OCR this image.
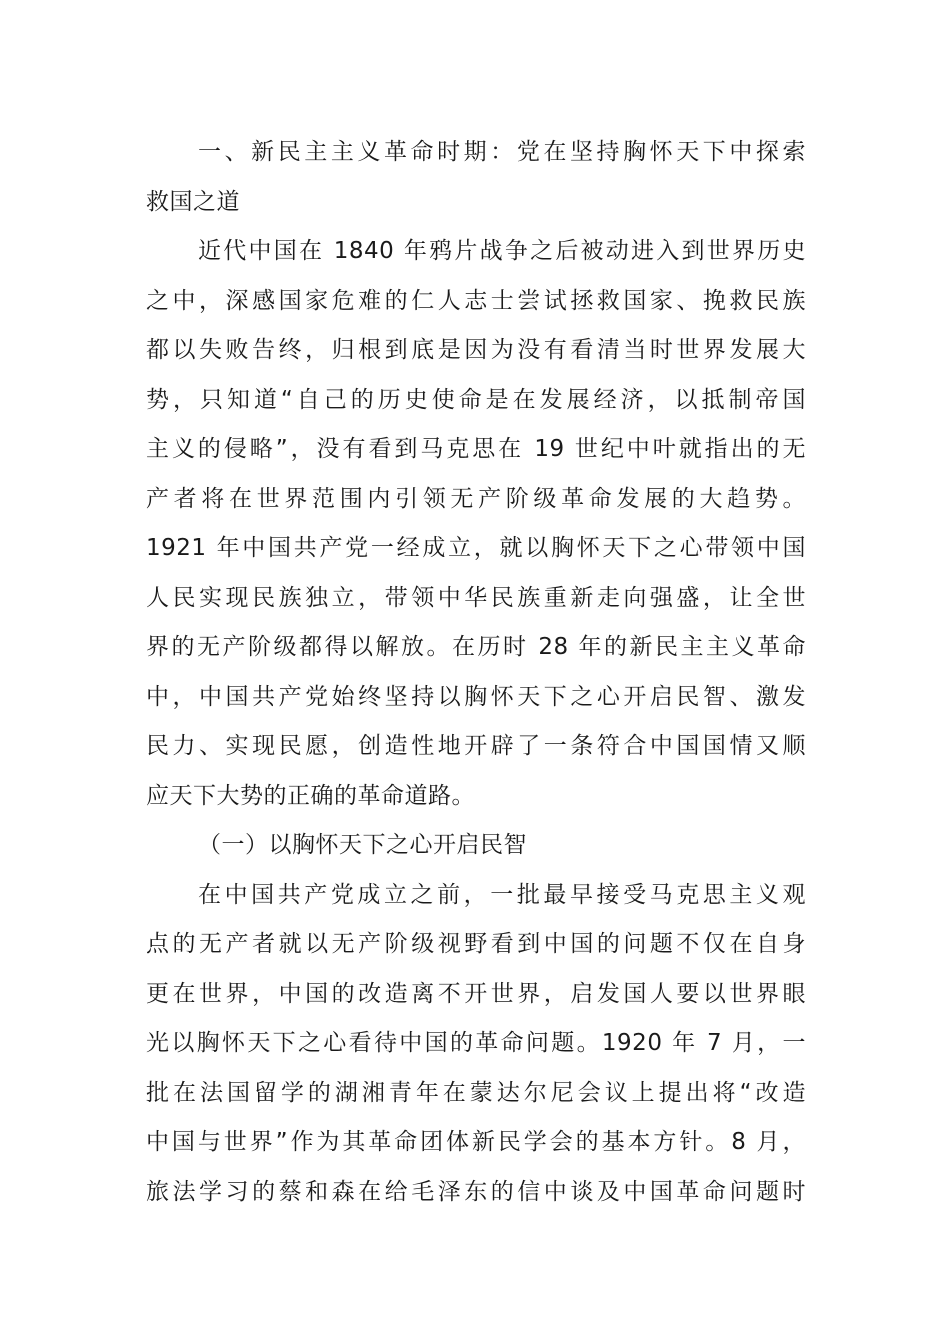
一、新民主主义革命时期：党在坚持胸怀天下中探索
救国之道
近代中国在 1840 年鸦片战争之后被动进入到世界历史
之中，深感国家危难的仁人志士尝试拯救国家、挽救民族
都以失败告终，归根到底是因为没有看清当时世界发展大
势，只知道“自己的历史使命是在发展经济，以抵制帝国
主义的侵略”，没有看到马克思在 19 世纪中叶就指出的无
产者将在世界范围内引领无产阶级革命发展的大趋势。
1921 年中国共产党一经成立，就以胸怀天下之心带领中国
人民实现民族独立，带领中华民族重新走向强盛，让全世
界的无产阶级都得以解放。在历时 28 年的新民主主义革命
中，中国共产党始终坚持以胸怀天下之心开启民智、激发
民力、实现民愿，创造性地开辟了一条符合中国国情又顺
应天下大势的正确的革命道路。
（一）以胸怀天下之心开启民智
在中国共产党成立之前，一批最早接受马克思主义观
点的无产者就以无产阶级视野看到中国的问题不仅在自身
更在世界，中国的改造离不开世界，启发国人要以世界眼
光以胸怀天下之心看待中国的革命问题。1920 年 7 月，一
批在法国留学的湖湘青年在蒙达尔尼会议上提出将“改造
中国与世界”作为其革命团体新民学会的基本方针。8 月，
旅法学习的蔡和森在给毛泽东的信中谈及中国革命问题时
